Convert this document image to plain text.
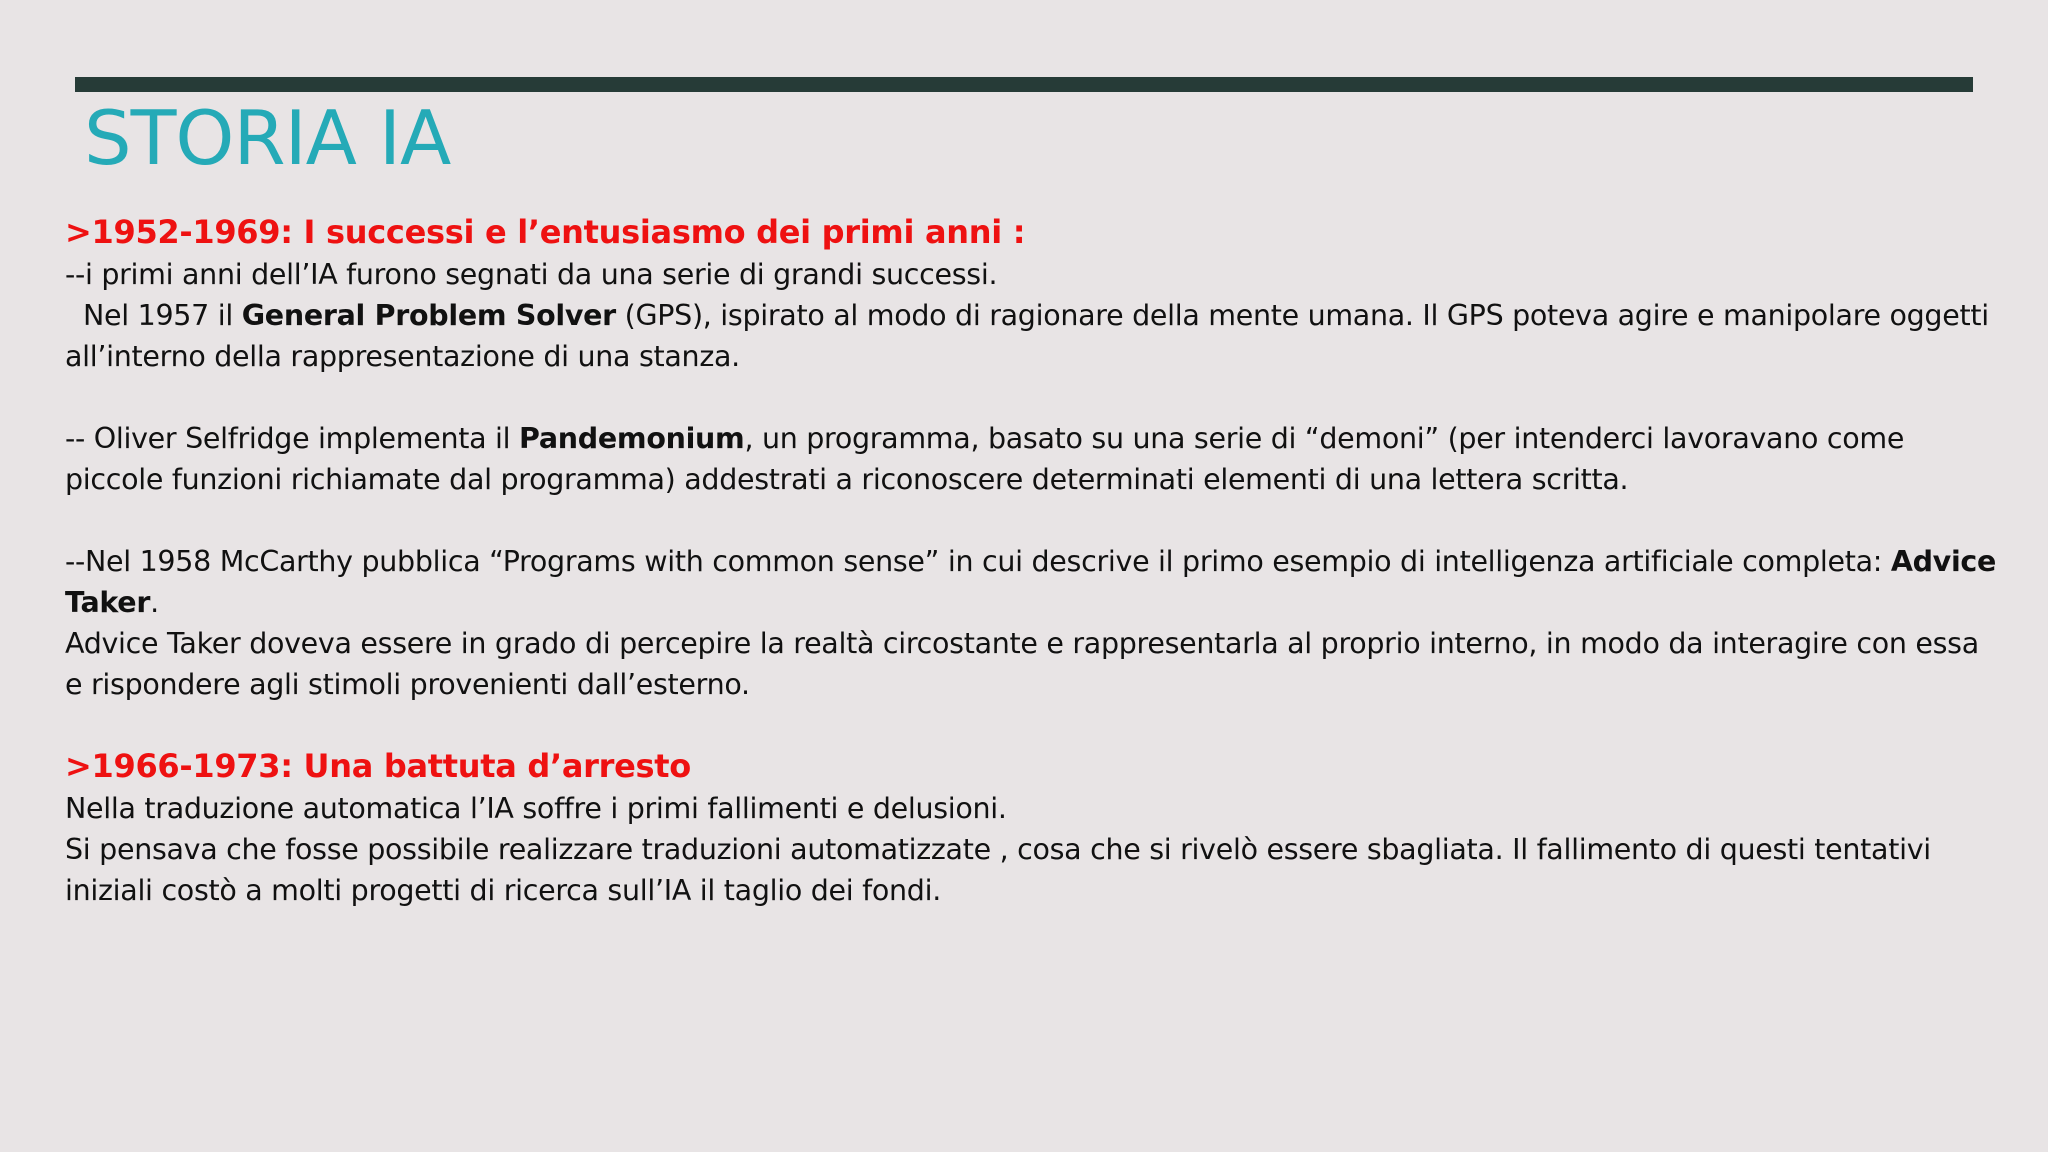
STORIA IA

>1952-1969: I successi e l’entusiasmo dei primi anni :

--i primi anni dell’IA furono segnati da una serie di grandi successi.

Nel 1957 il General Problem Solver (GPS), ispirato al modo di ragionare della mente umana. Il GPS poteva agire e manipolare oggetti all’interno della rappresentazione di una stanza.

-- Oliver Selfridge implementa il Pandemonium, un programma, basato su una serie di “demoni” (per intenderci lavoravano come piccole funzioni richiamate dal programma) addestrati a riconoscere determinati elementi di una lettera scritta.

--Nel 1958 McCarthy pubblica “Programs with common sense” in cui descrive il primo esempio di intelligenza artificiale completa: Advice Taker.

Advice Taker doveva essere in grado di percepire la realtà circostante e rappresentarla al proprio interno, in modo da interagire con essa e rispondere agli stimoli provenienti dall’esterno.

>1966-1973: Una battuta d’arresto

Nella traduzione automatica l’IA soffre i primi fallimenti e delusioni.

Si pensava che fosse possibile realizzare traduzioni automatizzate , cosa che si rivelò essere sbagliata. Il fallimento di questi tentativi iniziali costò a molti progetti di ricerca sull’IA il taglio dei fondi.
